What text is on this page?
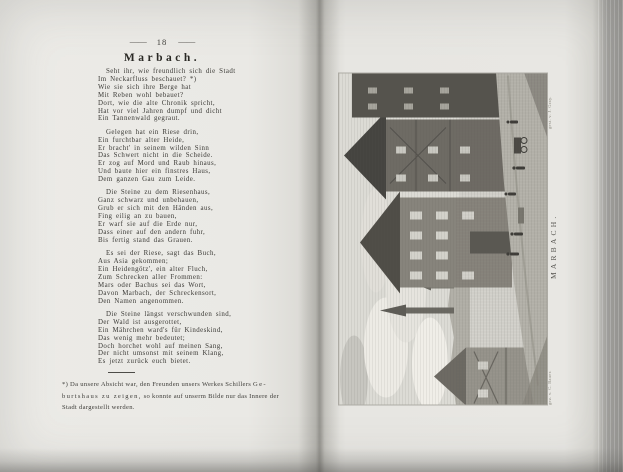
—— 18 ——
Marbach.
Seht ihr, wie freundlich sich die Stadt
Im Neckarfluss beschauet? *)
Wie sie sich ihre Berge hat
Mit Reben wohl bebauet?
Dort, wie die alte Chronik spricht,
Hat vor viel Jahren dumpf und dicht
Ein Tannenwald gegraut.
Gelegen hat ein Riese drin,
Ein furchtbar alter Heide,
Er bracht' in seinem wilden Sinn
Das Schwert nicht in die Scheide.
Er zog auf Mord und Raub hinaus,
Und baute hier ein finstres Haus,
Dem ganzen Gau zum Leide.
Die Steine zu dem Riesenhaus,
Ganz schwarz und unbehauen,
Grub er sich mit den Händen aus,
Fing eilig an zu bauen,
Er warf sie auf die Erde nur,
Dass einer auf den andern fuhr,
Bis fertig stand das Grauen.
Es sei der Riese, sagt das Buch,
Aus Asia gekommen;
Ein Heidengötz', ein alter Fluch,
Zum Schrecken aller Frommen:
Mars oder Bachus sei das Wort,
Davon Marbach, der Schreckensort,
Den Namen angenommen.
Die Steine längst verschwunden sind,
Der Wald ist ausgerottet,
Ein Mährchen ward's für Kindeskind,
Das wenig mehr bedeutet;
Doch horchet wohl auf meinen Sang,
Der nicht umsonst mit seinem Klang,
Es jetzt zurück euch bietet.
*) Da unsere Absicht war, den Freunden unsers Werkes Schillers Ge-
burtshaus zu zeigen, so konnte auf unserm Bilde nur das Innere der
Stadt dargestellt werden.
gest. v. J. Gray.
gez. v. C. Bauer.
MARBACH.
